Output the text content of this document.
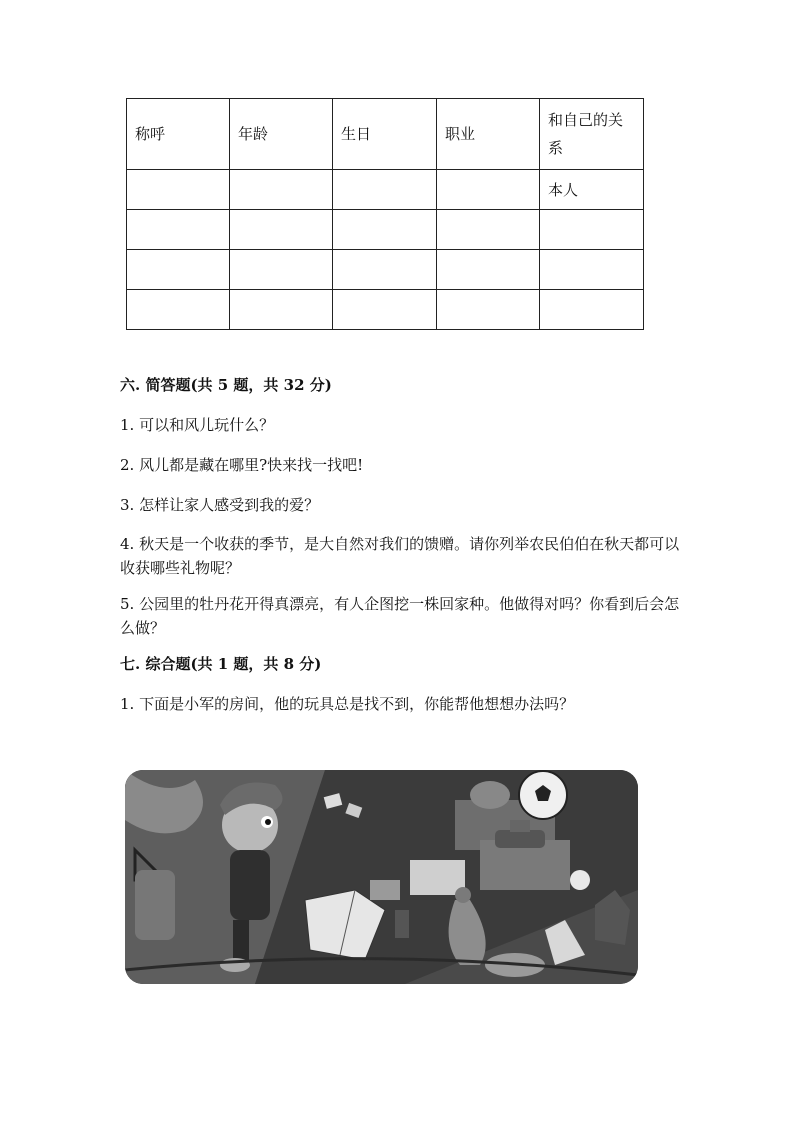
称呼	年龄	生日	职业	和自己的关系
				本人

六. 简答题(共 5 题，共 32 分)
1. 可以和风儿玩什么？
2. 风儿都是藏在哪里?快来找一找吧!
3. 怎样让家人感受到我的爱？
4. 秋天是一个收获的季节，是大自然对我们的馈赠。请你列举农民伯伯在秋天都可以收获哪些礼物呢？
5. 公园里的牡丹花开得真漂亮，有人企图挖一株回家种。他做得对吗？你看到后会怎么做？
七. 综合题(共 1 题，共 8 分)
1. 下面是小军的房间，他的玩具总是找不到，你能帮他想想办法吗？
